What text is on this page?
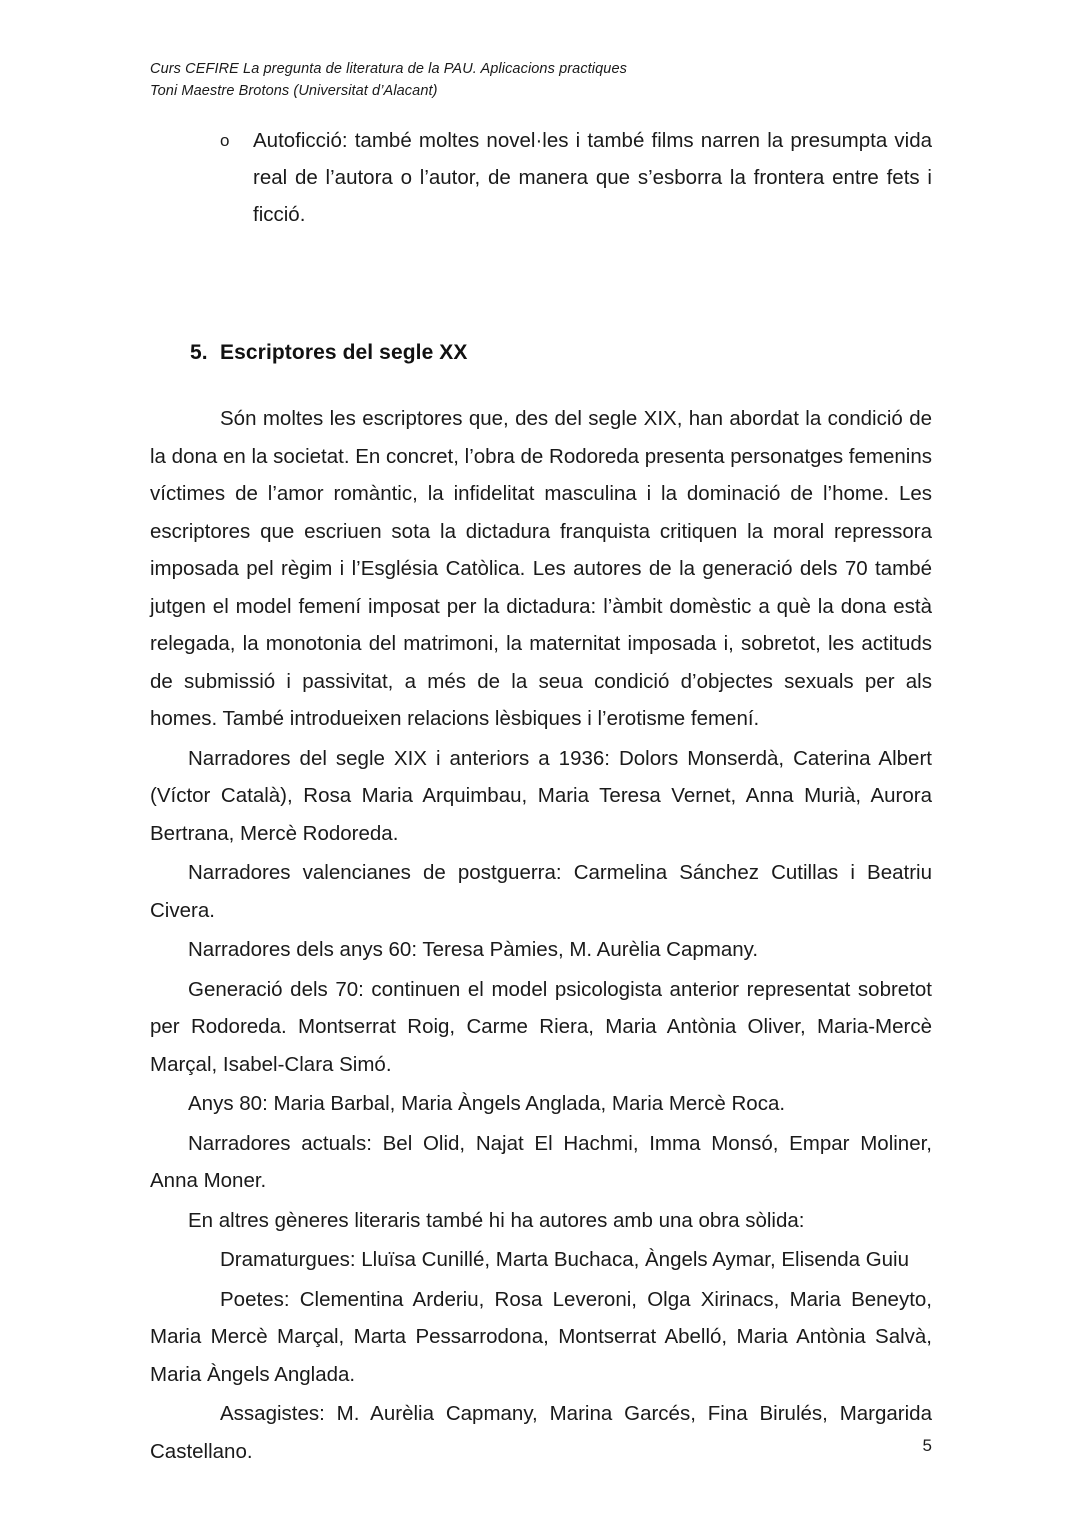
Curs CEFIRE La pregunta de literatura de la PAU. Aplicacions practiques
Toni Maestre Brotons (Universitat d’Alacant)
o Autoficció: també moltes novel·les i també films narren la presumpta vida real de l’autora o l’autor, de manera que s’esborra la frontera entre fets i ficció.
5. Escriptores del segle XX

Són moltes les escriptores que, des del segle XIX, han abordat la condició de la dona en la societat. En concret, l’obra de Rodoreda presenta personatges femenins víctimes de l’amor romàntic, la infidelitat masculina i la dominació de l’home. Les escriptores que escriuen sota la dictadura franquista critiquen la moral repressora imposada pel règim i l’Església Catòlica. Les autores de la generació dels 70 també jutgen el model femení imposat per la dictadura: l’àmbit domèstic a què la dona està relegada, la monotonia del matrimoni, la maternitat imposada i, sobretot, les actituds de submissió i passivitat, a més de la seua condició d’objectes sexuals per als homes. També introdueixen relacions lèsbiques i l’erotisme femení.

Narradores del segle XIX i anteriors a 1936: Dolors Monserdà, Caterina Albert (Víctor Català), Rosa Maria Arquimbau, Maria Teresa Vernet, Anna Murià, Aurora Bertrana, Mercè Rodoreda.

Narradores valencianes de postguerra: Carmelina Sánchez Cutillas i Beatriu Civera.

Narradores dels anys 60: Teresa Pàmies, M. Aurèlia Capmany.

Generació dels 70: continuen el model psicologista anterior representat sobretot per Rodoreda. Montserrat Roig, Carme Riera, Maria Antònia Oliver, Maria-Mercè Marçal, Isabel-Clara Simó.

Anys 80: Maria Barbal, Maria Àngels Anglada, Maria Mercè Roca.

Narradores actuals: Bel Olid, Najat El Hachmi, Imma Monsó, Empar Moliner, Anna Moner.

En altres gèneres literaris també hi ha autores amb una obra sòlida:

Dramaturgues: Lluïsa Cunillé, Marta Buchaca, Àngels Aymar, Elisenda Guiu

Poetes: Clementina Arderiu, Rosa Leveroni, Olga Xirinacs, Maria Beneyto, Maria Mercè Marçal, Marta Pessarrodona, Montserrat Abelló, Maria Antònia Salvà, Maria Àngels Anglada.

Assagistes: M. Aurèlia Capmany, Marina Garcés, Fina Birulés, Margarida Castellano.	5
